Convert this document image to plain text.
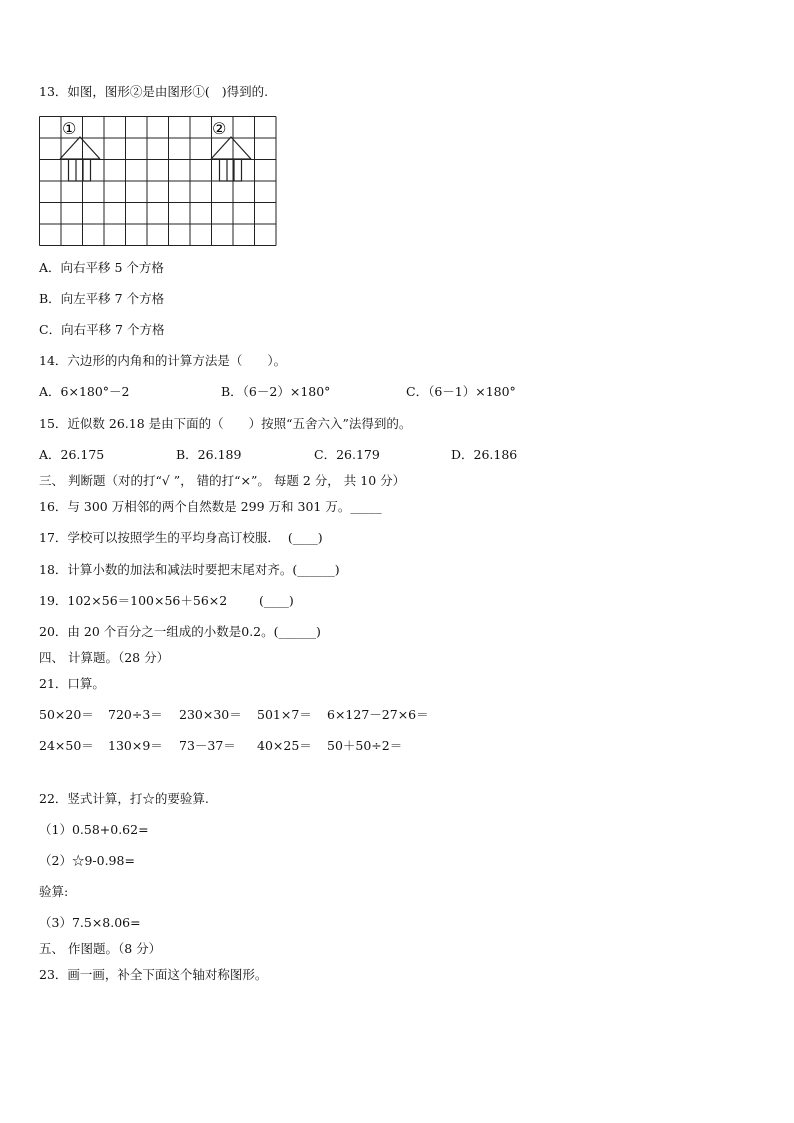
13．如图，图形②是由图形①(   )得到的.
①	②
A．向右平移 5 个方格
B．向左平移 7 个方格
C．向右平移 7 个方格
14．六边形的内角和的计算方法是（　　）。
A．6×180°－2	B．（6－2）×180°	C．（6－1）×180°
15．近似数 26.18 是由下面的（　　）按照“五舍六入”法得到的。
A．26.175	B．26.189	C．26.179	D．26.186
三、 判断题（对的打“√ ”， 错的打“×”。 每题 2 分， 共 10 分）
16．与 300 万相邻的两个自然数是 299 万和 301 万。_____
17．学校可以按照学生的平均身高订校服．  (____)
18．计算小数的加法和减法时要把末尾对齐。(______)
19．102×56＝100×56＋56×2        (____)
20．由 20 个百分之一组成的小数是0.2。(______)
四、 计算题。（28 分）
21．口算。
50×20＝ 720÷3＝ 230×30＝ 501×7＝ 6×127－27×6＝
24×50＝ 130×9＝ 73－37＝ 40×25＝ 50＋50÷2＝
22．竖式计算，打☆的要验算.
（1）0.58+0.62=
（2）☆9-0.98=
验算:
（3）7.5×8.06=
五、 作图题。（8 分）
23．画一画，补全下面这个轴对称图形。
